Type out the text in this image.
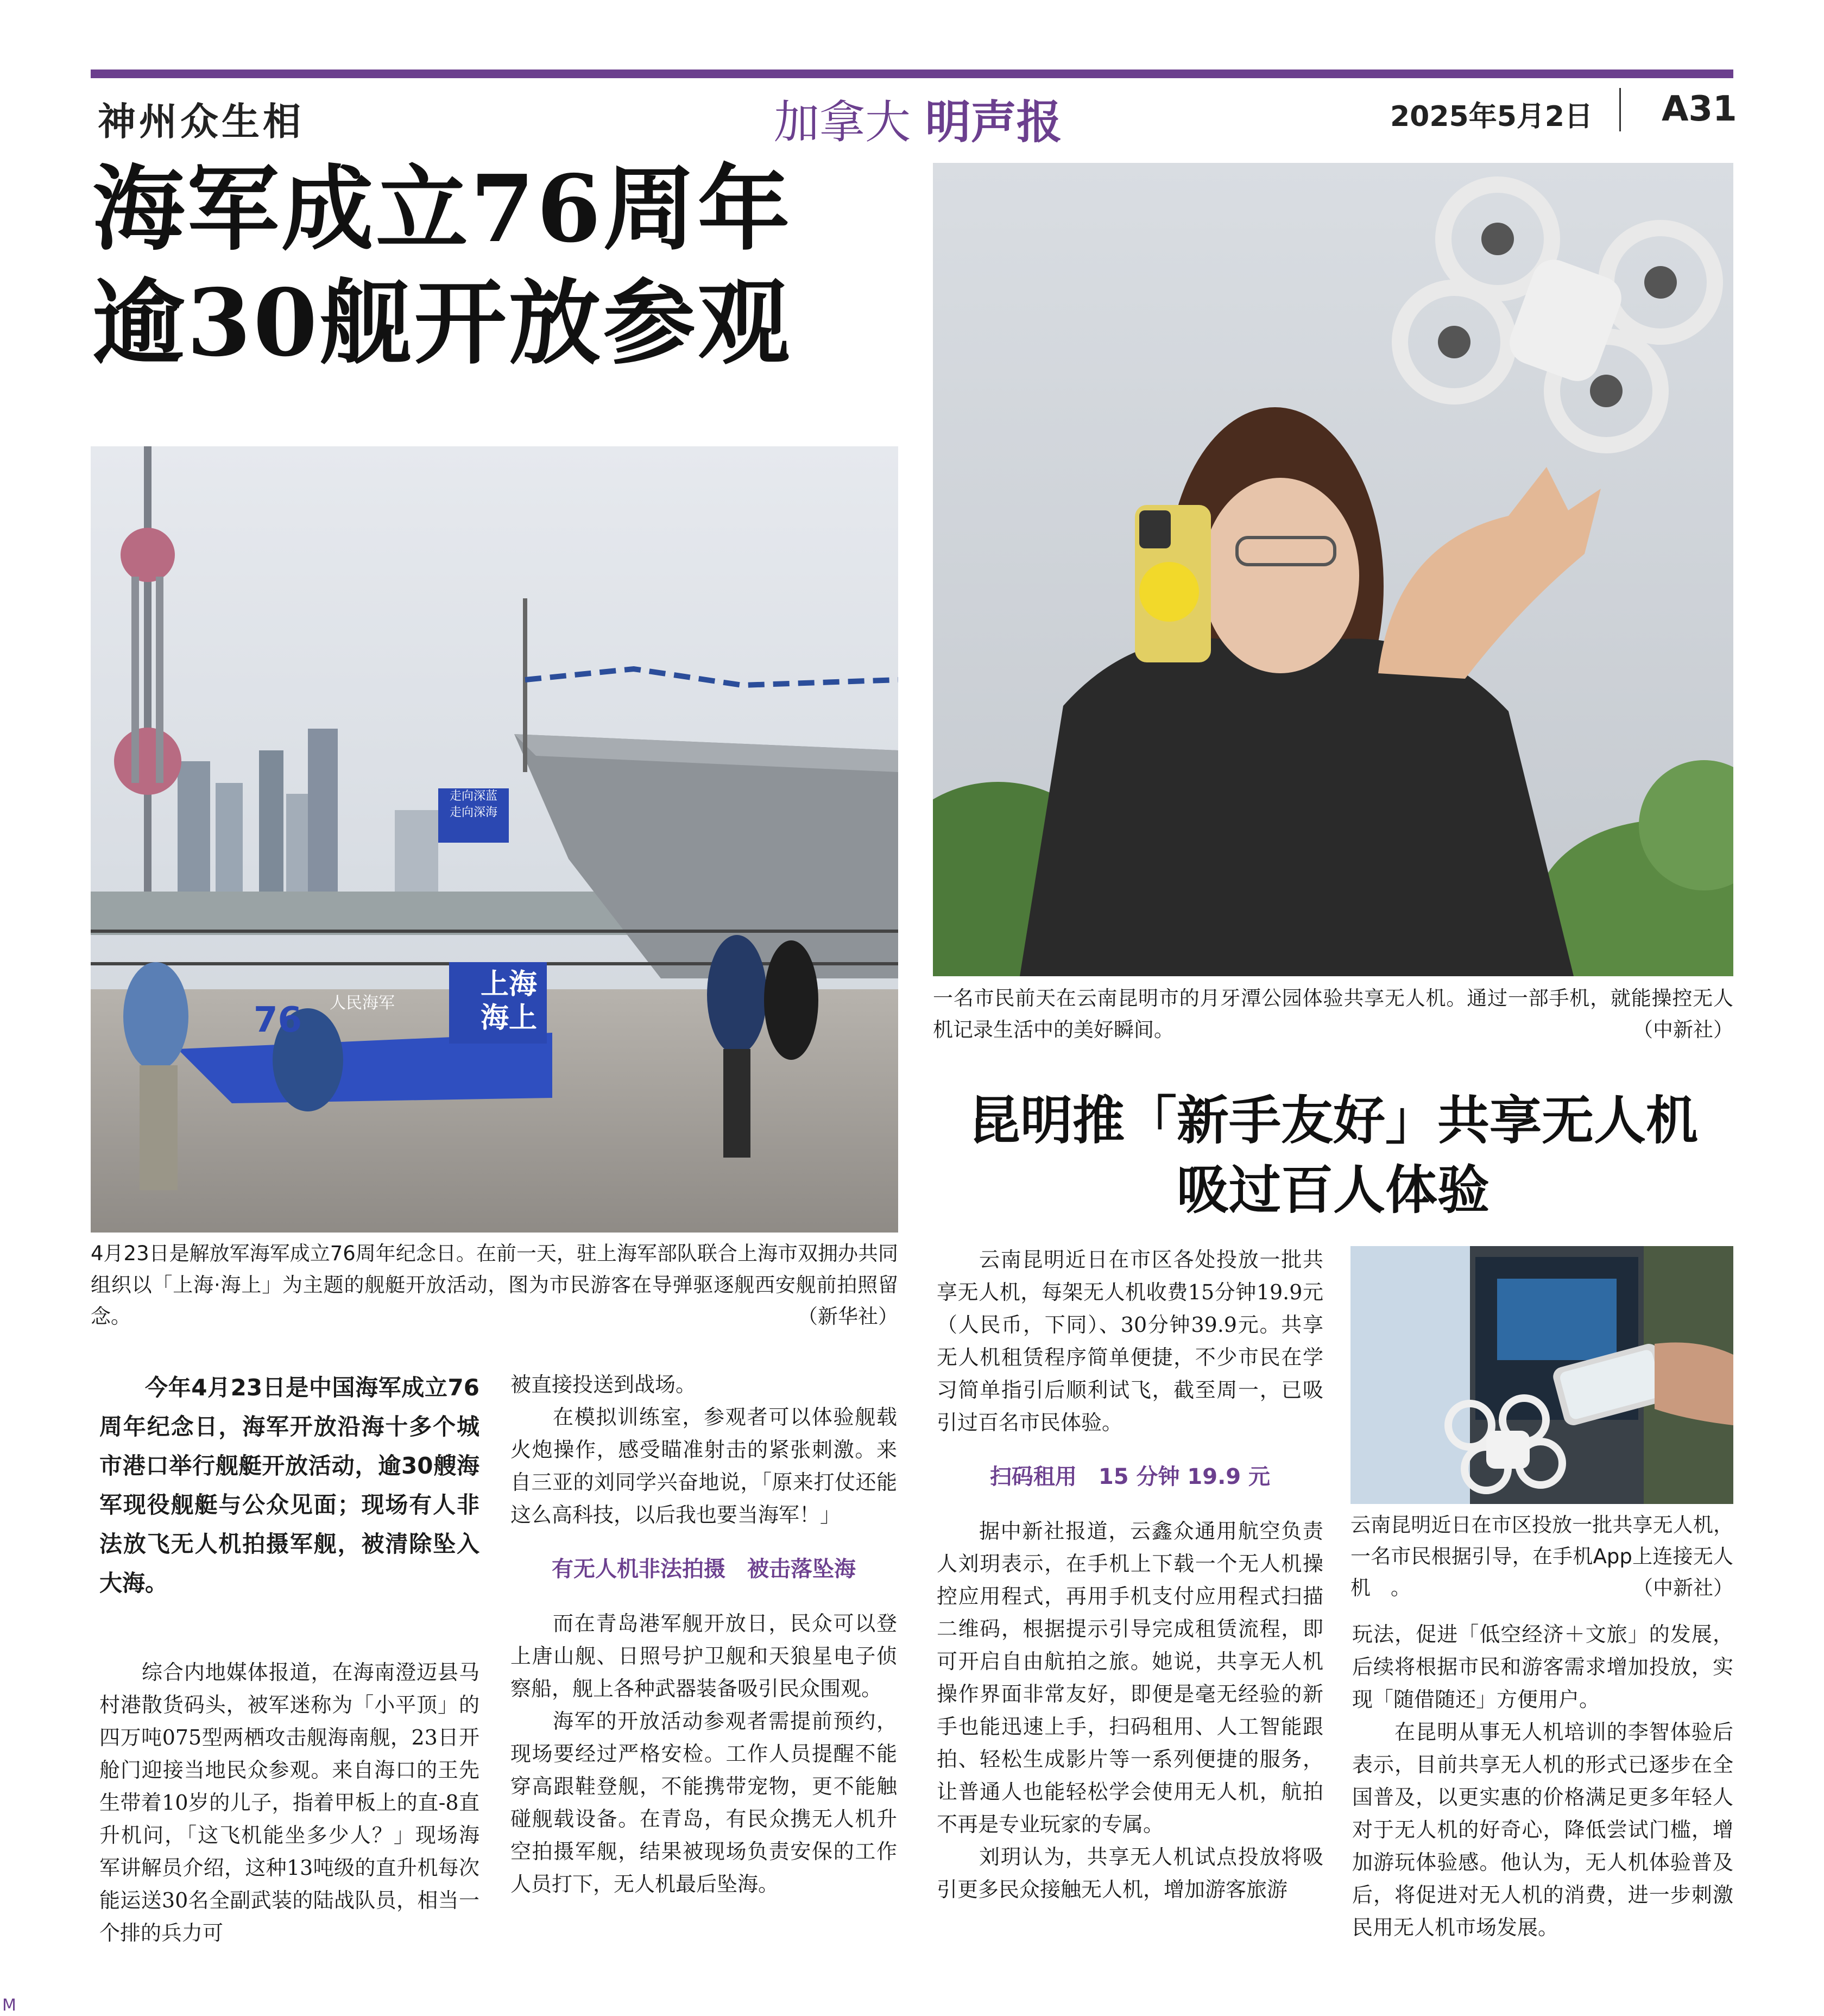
神州众生相	加拿大 明声报	2025年5月2日 A31
海军成立76周年
逾30舰开放参观
走向深蓝
走向深海
上海
海上
人民海军
76
4月23日是解放军海军成立76周年纪念日。在前一天，驻上海军部队联合上海市双拥办共同组织以「上海·海上」为主题的舰艇开放活动，图为市民游客在导弹驱逐舰西安舰前拍照留念。	（新华社）
今年4月23日是中国海军成立76周年纪念日，海军开放沿海十多个城市港口举行舰艇开放活动，逾30艘海军现役舰艇与公众见面；现场有人非法放飞无人机拍摄军舰，被清除坠入大海。

综合内地媒体报道，在海南澄迈县马村港散货码头，被军迷称为「小平顶」的四万吨075型两栖攻击舰海南舰，23日开舱门迎接当地民众参观。来自海口的王先生带着10岁的儿子，指着甲板上的直-8直升机问，「这飞机能坐多少人？」现场海军讲解员介绍，这种13吨级的直升机每次能运送30名全副武装的陆战队员，相当一个排的兵力可

被直接投送到战场。

在模拟训练室，参观者可以体验舰载火炮操作，感受瞄准射击的紧张刺激。来自三亚的刘同学兴奋地说，「原来打仗还能这么高科技，以后我也要当海军！」

有无人机非法拍摄　被击落坠海

而在青岛港军舰开放日，民众可以登上唐山舰、日照号护卫舰和天狼星电子侦察船，舰上各种武器装备吸引民众围观。

海军的开放活动参观者需提前预约，现场要经过严格安检。工作人员提醒不能穿高跟鞋登舰，不能携带宠物，更不能触碰舰载设备。在青岛，有民众携无人机升空拍摄军舰，结果被现场负责安保的工作人员打下，无人机最后坠海。

一名市民前天在云南昆明市的月牙潭公园体验共享无人机。通过一部手机，就能操控无人机记录生活中的美好瞬间。	（中新社）
昆明推「新手友好」共享无人机
吸过百人体验

云南昆明近日在市区各处投放一批共享无人机，每架无人机收费15分钟19.9元（人民币，下同）、30分钟39.9元。共享无人机租赁程序简单便捷，不少市民在学习简单指引后顺利试飞，截至周一，已吸引过百名市民体验。

扫码租用　15 分钟 19.9 元

据中新社报道，云鑫众通用航空负责人刘玥表示，在手机上下载一个无人机操控应用程式，再用手机支付应用程式扫描二维码，根据提示引导完成租赁流程，即可开启自由航拍之旅。她说，共享无人机操作界面非常友好，即便是毫无经验的新手也能迅速上手，扫码租用、人工智能跟拍、轻松生成影片等一系列便捷的服务，让普通人也能轻松学会使用无人机，航拍不再是专业玩家的专属。

刘玥认为，共享无人机试点投放将吸引更多民众接触无人机，增加游客旅游

云南昆明近日在市区投放一批共享无人机，一名市民根据引导，在手机App上连接无人机　。	（中新社）

玩法，促进「低空经济＋文旅」的发展，后续将根据市民和游客需求增加投放，实现「随借随还」方便用户。

在昆明从事无人机培训的李智体验后表示，目前共享无人机的形式已逐步在全国普及，以更实惠的价格满足更多年轻人对于无人机的好奇心，降低尝试门槛，增加游玩体验感。他认为，无人机体验普及后，将促进对无人机的消费，进一步刺激民用无人机市场发展。

M
